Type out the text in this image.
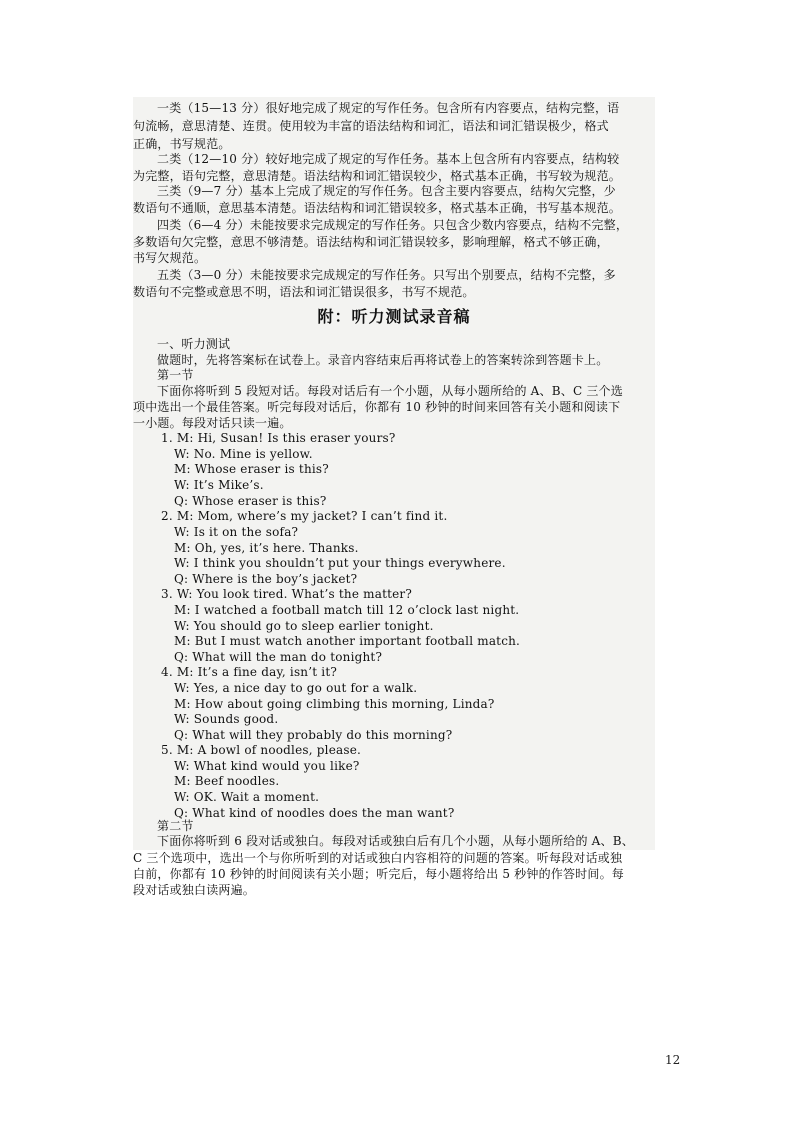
一类（15—13 分）很好地完成了规定的写作任务。包含所有内容要点，结构完整，语
句流畅，意思清楚、连贯。使用较为丰富的语法结构和词汇，语法和词汇错误极少，格式
正确，书写规范。
二类（12—10 分）较好地完成了规定的写作任务。基本上包含所有内容要点，结构较
为完整，语句完整，意思清楚。语法结构和词汇错误较少，格式基本正确，书写较为规范。
三类（9—7 分）基本上完成了规定的写作任务。包含主要内容要点，结构欠完整，少
数语句不通顺，意思基本清楚。语法结构和词汇错误较多，格式基本正确，书写基本规范。
四类（6—4 分）未能按要求完成规定的写作任务。只包含少数内容要点，结构不完整，
多数语句欠完整，意思不够清楚。语法结构和词汇错误较多，影响理解，格式不够正确，
书写欠规范。
五类（3—0 分）未能按要求完成规定的写作任务。只写出个别要点，结构不完整，多
数语句不完整或意思不明，语法和词汇错误很多，书写不规范。
附：听力测试录音稿
一、听力测试
做题时，先将答案标在试卷上。录音内容结束后再将试卷上的答案转涂到答题卡上。
第一节
下面你将听到 5 段短对话。每段对话后有一个小题，从每小题所给的 A、B、C 三个选
项中选出一个最佳答案。听完每段对话后，你都有 10 秒钟的时间来回答有关小题和阅读下
一小题。每段对话只读一遍。
1. M: Hi, Susan! Is this eraser yours?
W: No. Mine is yellow.
M: Whose eraser is this?
W: It’s Mike’s.
Q: Whose eraser is this?
2. M: Mom, where’s my jacket? I can’t find it.
W: Is it on the sofa?
M: Oh, yes, it’s here. Thanks.
W: I think you shouldn’t put your things everywhere.
Q: Where is the boy’s jacket?
3. W: You look tired. What’s the matter?
M: I watched a football match till 12 o’clock last night.
W: You should go to sleep earlier tonight.
M: But I must watch another important football match.
Q: What will the man do tonight?
4. M: It’s a fine day, isn’t it?
W: Yes, a nice day to go out for a walk.
M: How about going climbing this morning, Linda?
W: Sounds good.
Q: What will they probably do this morning?
5. M: A bowl of noodles, please.
W: What kind would you like?
M: Beef noodles.
W: OK. Wait a moment.
Q: What kind of noodles does the man want?
第二节
下面你将听到 6 段对话或独白。每段对话或独白后有几个小题，从每小题所给的 A、B、
C 三个选项中，选出一个与你所听到的对话或独白内容相符的问题的答案。听每段对话或独
白前，你都有 10 秒钟的时间阅读有关小题；听完后，每小题将给出 5 秒钟的作答时间。每
段对话或独白读两遍。
12
